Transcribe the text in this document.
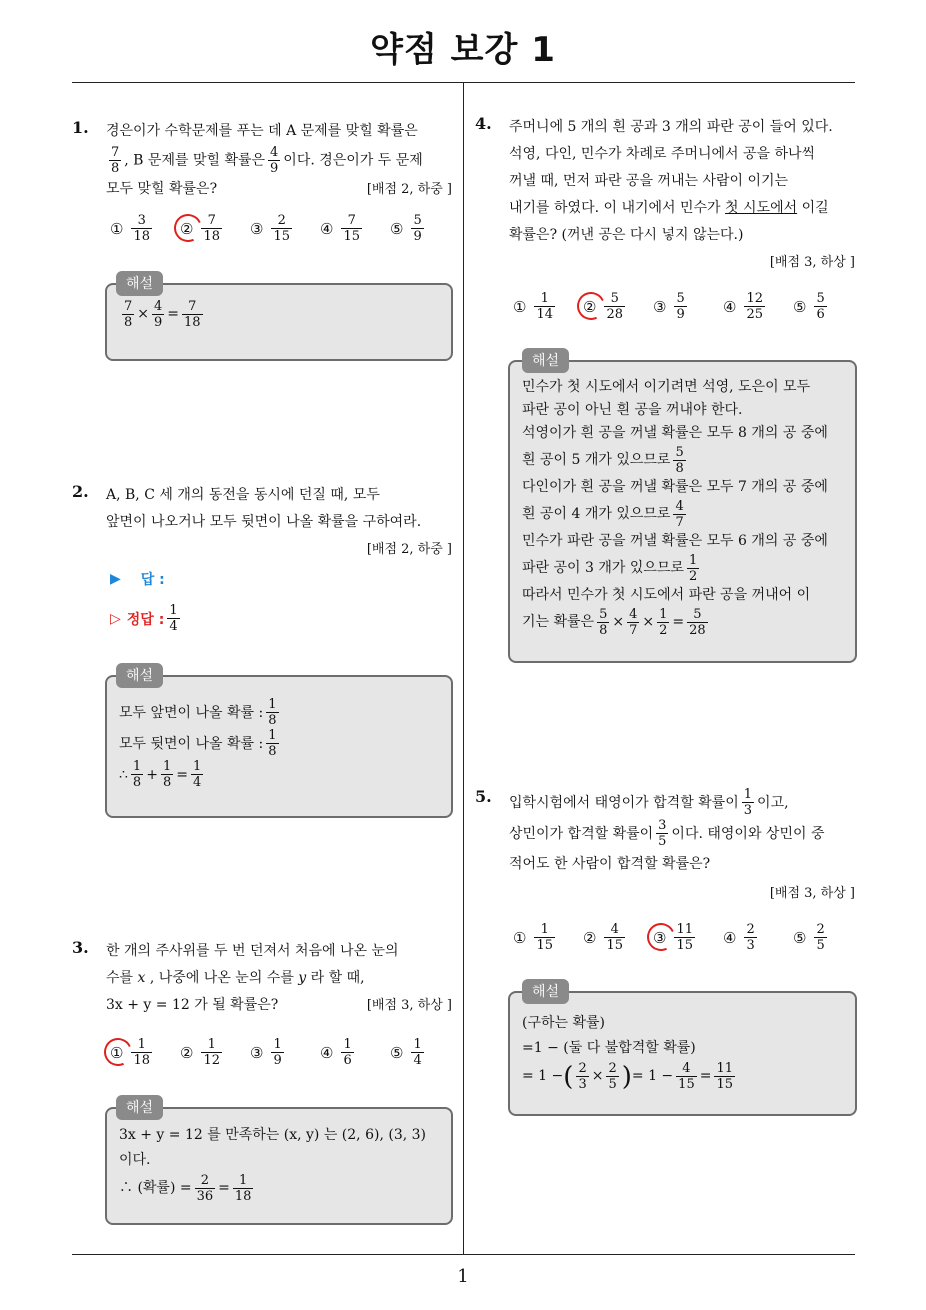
약점 보강 1
1
1. 경은이가 수학문제를 푸는 데 A 문제를 맞힐 확률은
$\frac{7}{8}$ , B 문제를 맞힐 확률은 $\frac{4}{9}$ 이다. 경은이가 두 문제
모두 맞힐 확률은?	[배점 2, 하중 ]
① $\frac{3}{18}$ ② $\frac{7}{18}$ ③ $\frac{2}{15}$ ④ $\frac{7}{15}$ ⑤ $\frac{5}{9}$
$\frac{7}{8} \times \frac{4}{9} = \frac{7}{18}$
해설
2. A, B, C 세 개의 동전을 동시에 던질 때, 모두
앞면이 나오거나 모두 뒷면이 나올 확률을 구하여라.
[배점 2, 하중 ]
▶ 답 :
▷ 정답 : $\frac{1}{4}$
모두 앞면이 나올 확률 : $\frac{1}{8}$
모두 뒷면이 나올 확률 : $\frac{1}{8}$
∴ $\frac{1}{8} + \frac{1}{8} = \frac{1}{4}$
해설
3. 한 개의 주사위를 두 번 던져서 처음에 나온 눈의
수를 x , 나중에 나온 눈의 수를 y 라 할 때,
3x + y = 12 가 될 확률은?	[배점 3, 하상 ]
① $\frac{1}{18}$ ② $\frac{1}{12}$ ③ $\frac{1}{9}$ ④ $\frac{1}{6}$ ⑤ $\frac{1}{4}$
3x + y = 12 를 만족하는 (x, y) 는 (2, 6), (3, 3)
이다.
∴ (확률) = $\frac{2}{36} = \frac{1}{18}$
해설
4. 주머니에 5 개의 흰 공과 3 개의 파란 공이 들어 있다.
석영, 다인, 민수가 차례로 주머니에서 공을 하나씩
꺼낼 때, 먼저 파란 공을 꺼내는 사람이 이기는
내기를 하였다. 이 내기에서 민수가 첫 시도에서 이길
확률은? (꺼낸 공은 다시 넣지 않는다.)
[배점 3, 하상 ]
① $\frac{1}{14}$ ② $\frac{5}{28}$ ③ $\frac{5}{9}$ ④ $\frac{12}{25}$ ⑤ $\frac{5}{6}$
민수가 첫 시도에서 이기려면 석영, 도은이 모두
파란 공이 아닌 흰 공을 꺼내야 한다.
석영이가 흰 공을 꺼낼 확률은 모두 8 개의 공 중에
흰 공이 5 개가 있으므로 $\frac{5}{8}$
다인이가 흰 공을 꺼낼 확률은 모두 7 개의 공 중에
흰 공이 4 개가 있으므로 $\frac{4}{7}$
민수가 파란 공을 꺼낼 확률은 모두 6 개의 공 중에
파란 공이 3 개가 있으므로 $\frac{1}{2}$
따라서 민수가 첫 시도에서 파란 공을 꺼내어 이
기는 확률은 $\frac{5}{8} \times \frac{4}{7} \times \frac{1}{2} = \frac{5}{28}$
해설
5. 입학시험에서 태영이가 합격할 확률이 $\frac{1}{3}$ 이고,
상민이가 합격할 확률이 $\frac{3}{5}$ 이다. 태영이와 상민이 중
적어도 한 사람이 합격할 확률은?
[배점 3, 하상 ]
① $\frac{1}{15}$ ② $\frac{4}{15}$ ③ $\frac{11}{15}$ ④ $\frac{2}{3}$ ⑤ $\frac{2}{5}$
(구하는 확률)
=1 − (둘 다 불합격할 확률)
= 1 − ( $\frac{2}{3} \times \frac{2}{5}$ ) = $1 - \frac{4}{15} = \frac{11}{15}$
해설
